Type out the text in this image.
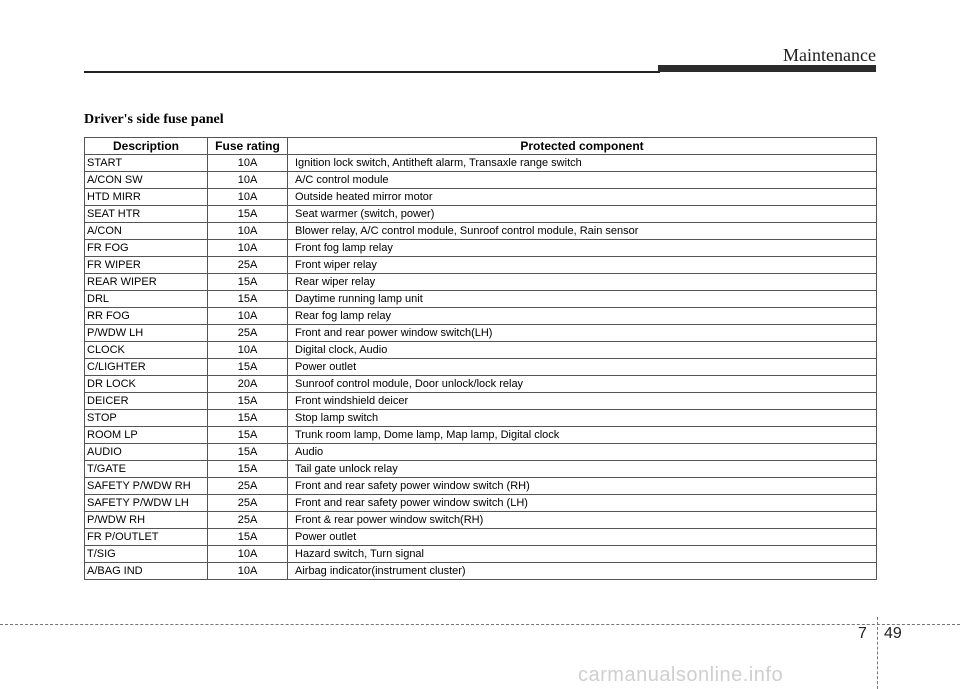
Maintenance
Driver's side fuse panel
Description	Fuse rating	Protected component
START	10A	Ignition lock switch, Antitheft alarm, Transaxle range switch
A/CON SW	10A	A/C control module
HTD MIRR	10A	Outside heated mirror motor
SEAT HTR	15A	Seat warmer (switch, power)
A/CON	10A	Blower relay, A/C control module, Sunroof control module, Rain sensor
FR FOG	10A	Front fog lamp relay
FR WIPER	25A	Front wiper relay
REAR WIPER	15A	Rear wiper relay
DRL	15A	Daytime running lamp unit
RR FOG	10A	Rear fog lamp relay
P/WDW LH	25A	Front and rear power window switch(LH)
CLOCK	10A	Digital clock, Audio
C/LIGHTER	15A	Power outlet
DR LOCK	20A	Sunroof control module, Door unlock/lock relay
DEICER	15A	Front windshield deicer
STOP	15A	Stop lamp switch
ROOM LP	15A	Trunk room lamp, Dome lamp, Map lamp, Digital clock
AUDIO	15A	Audio
T/GATE	15A	Tail gate unlock relay
SAFETY P/WDW RH	25A	Front and rear safety power window switch (RH)
SAFETY P/WDW LH	25A	Front and rear safety power window switch (LH)
P/WDW RH	25A	Front & rear power window switch(RH)
FR P/OUTLET	15A	Power outlet
T/SIG	10A	Hazard switch, Turn signal
A/BAG IND	10A	Airbag indicator(instrument cluster)
7 49
carmanualsonline.info
